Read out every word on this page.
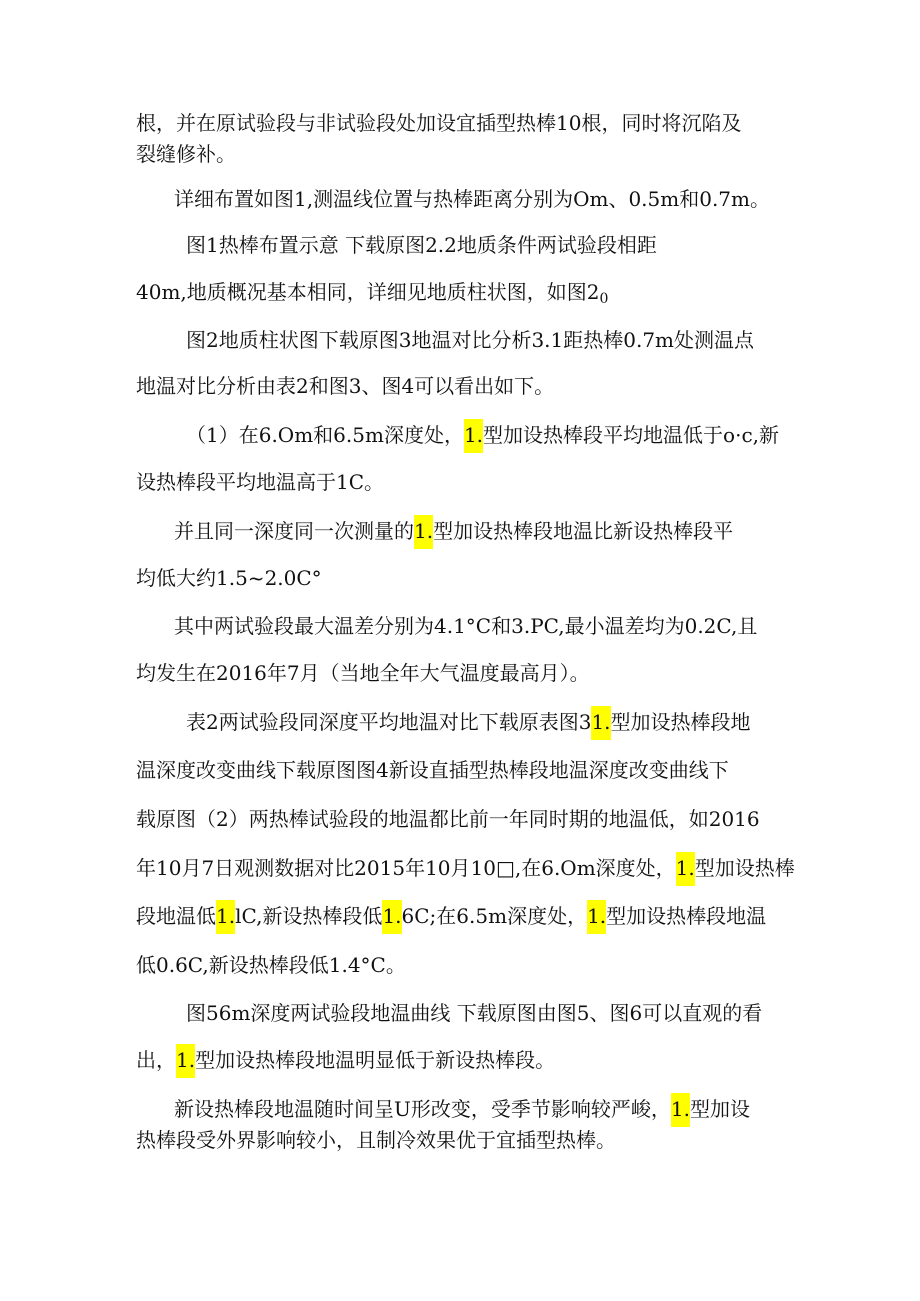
根，并在原试验段与非试验段处加设宜插型热棒10根，同时将沉陷及
裂缝修补。
详细布置如图1,测温线位置与热棒距离分别为Om、0.5m和0.7m。
图1热棒布置示意 下载原图2.2地质条件两试验段相距
40m,地质概况基本相同，详细见地质柱状图，如图$2_0$
图2地质柱状图下载原图3地温对比分析3.1距热棒0.7m处测温点
地温对比分析由表2和图3、图4可以看出如下。
（1）在6.Om和6.5m深度处，1.型加设热棒段平均地温低于o·c,新
设热棒段平均地温高于1C。
并且同一深度同一次测量的1.型加设热棒段地温比新设热棒段平
均低大约1.5~2.0C°
其中两试验段最大温差分别为4.1°C和3.PC,最小温差均为0.2C,且
均发生在2016年7月（当地全年大气温度最高月）。
表2两试验段同深度平均地温对比下载原表图31.型加设热棒段地
温深度改变曲线下载原图图4新设直插型热棒段地温深度改变曲线下
载原图（2）两热棒试验段的地温都比前一年同时期的地温低，如2016
年10月7日观测数据对比2015年10月10□,在6.Om深度处，1.型加设热棒
段地温低1.lC,新设热棒段低1.6C;在6.5m深度处，1.型加设热棒段地温
低0.6C,新设热棒段低1.4°C。
图56m深度两试验段地温曲线 下载原图由图5、图6可以直观的看
出，1.型加设热棒段地温明显低于新设热棒段。
新设热棒段地温随时间呈U形改变，受季节影响较严峻，1.型加设
热棒段受外界影响较小，且制冷效果优于宜插型热棒。
